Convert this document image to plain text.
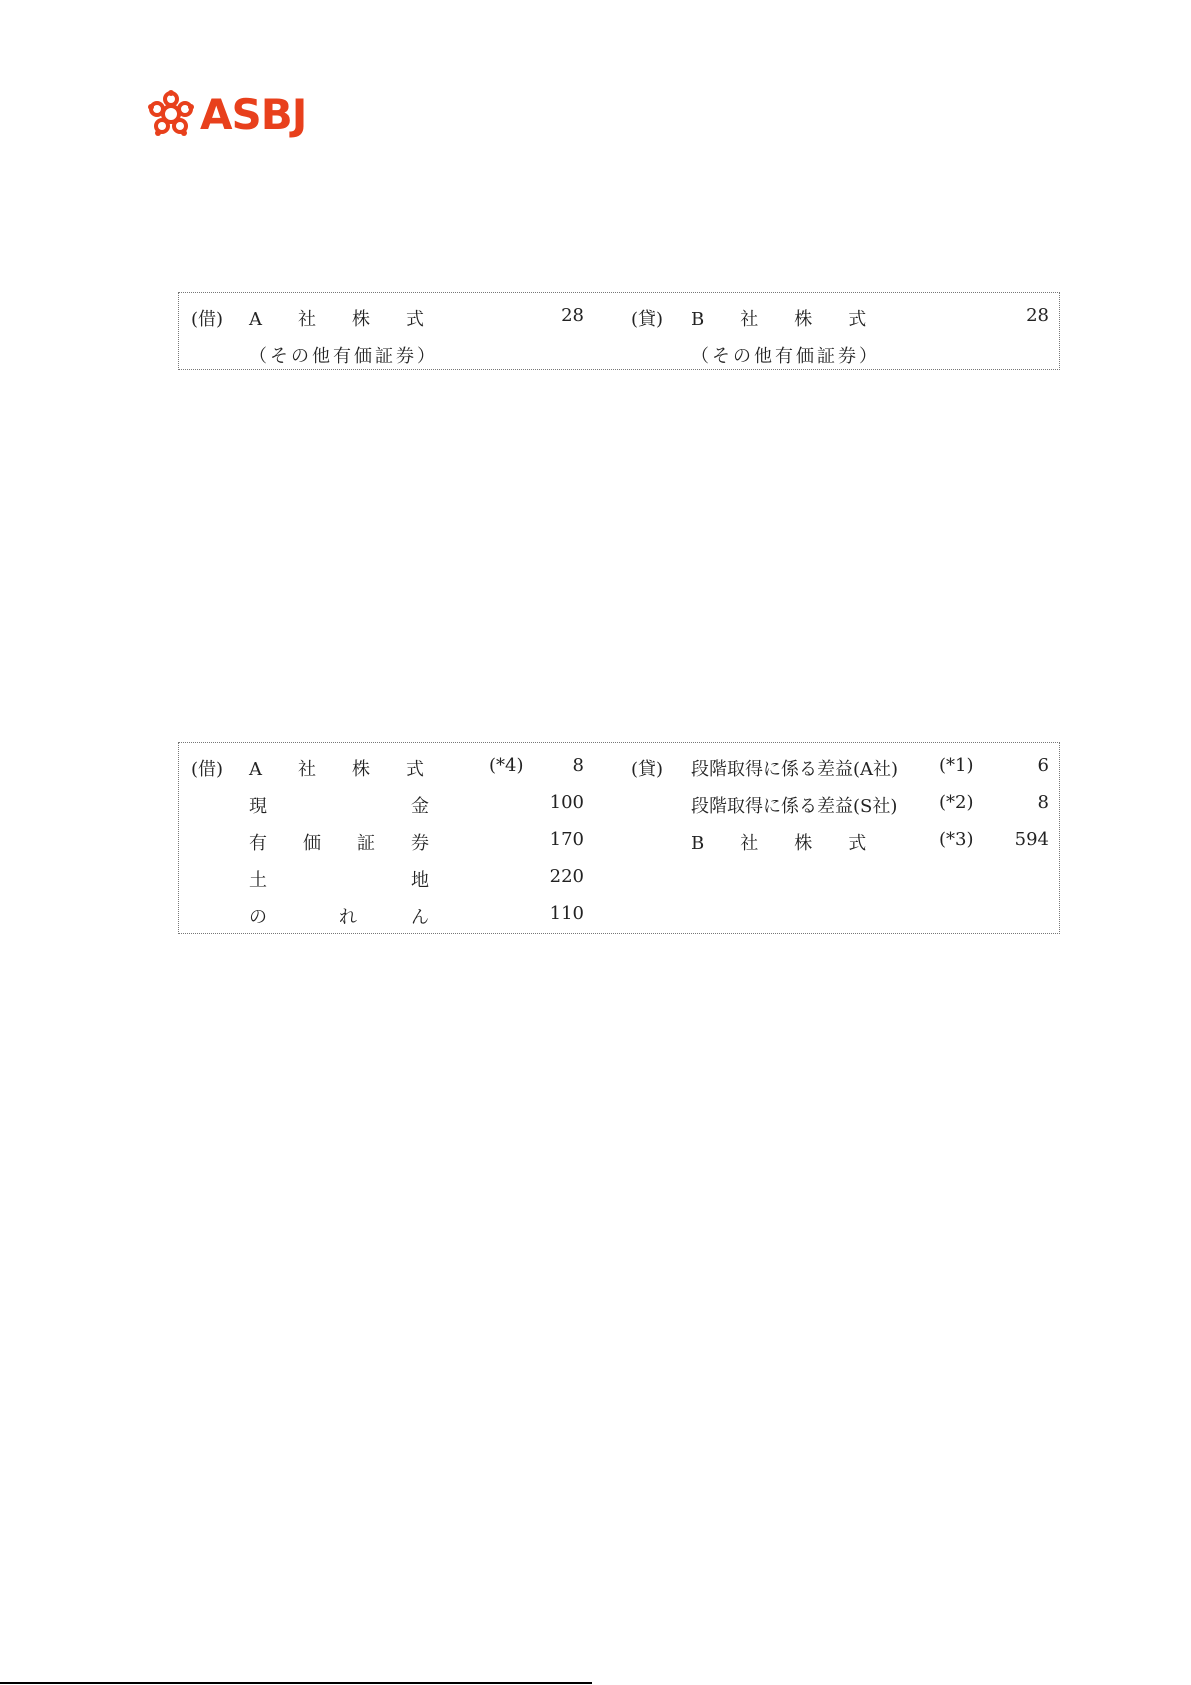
ASBJ
(借) A　　社　　株　　式	28	(貸) B　　社　　株　　式	28
（その他有価証券）	（その他有価証券）
(借) A　　社　　株　　式	(*4)	8	(貸) 段階取得に係る差益(A社) (*1)	6
現　　　　　　　　金	100	段階取得に係る差益(S社) (*2)	8
有　　価　　証　　券	170	B　　社　　株　　式	(*3)	594
土　　　　　　　　地	220
の　　　　れ　　　ん	110
